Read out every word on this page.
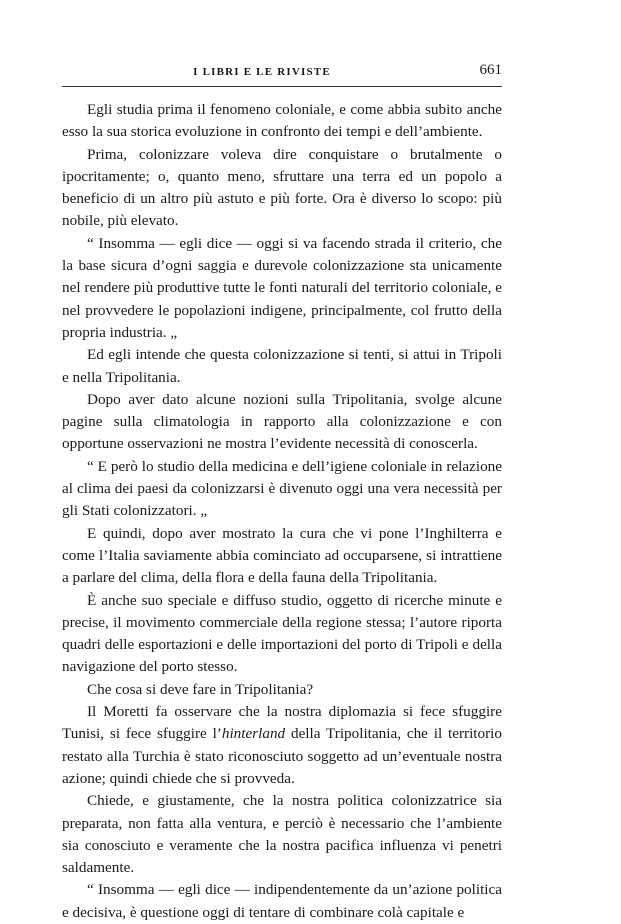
I LIBRI E LE RIVISTE	661

Egli studia prima il fenomeno coloniale, e come abbia subito anche esso la sua storica evoluzione in confronto dei tempi e dell’ambiente.

Prima, colonizzare voleva dire conquistare o brutalmente o ipocritamente; o, quanto meno, sfruttare una terra ed un popolo a beneficio di un altro più astuto e più forte. Ora è diverso lo scopo: più nobile, più elevato.

“ Insomma — egli dice — oggi si va facendo strada il criterio, che la base sicura d’ogni saggia e durevole colonizzazione sta unicamente nel rendere più produttive tutte le fonti naturali del territorio coloniale, e nel provvedere le popolazioni indigene, principalmente, col frutto della propria industria. „

Ed egli intende che questa colonizzazione si tenti, si attui in Tripoli e nella Tripolitania.

Dopo aver dato alcune nozioni sulla Tripolitania, svolge alcune pagine sulla climatologia in rapporto alla colonizzazione e con opportune osservazioni ne mostra l’evidente necessità di conoscerla.

“ E però lo studio della medicina e dell’igiene coloniale in relazione al clima dei paesi da colonizzarsi è divenuto oggi una vera necessità per gli Stati colonizzatori. „

E quindi, dopo aver mostrato la cura che vi pone l’Inghilterra e come l’Italia saviamente abbia cominciato ad occuparsene, si intrattiene a parlare del clima, della flora e della fauna della Tripolitania.

È anche suo speciale e diffuso studio, oggetto di ricerche minute e precise, il movimento commerciale della regione stessa; l’autore riporta quadri delle esportazioni e delle importazioni del porto di Tripoli e della navigazione del porto stesso.

Che cosa si deve fare in Tripolitania?

Il Moretti fa osservare che la nostra diplomazia si fece sfuggire Tunisi, si fece sfuggire l’hinterland della Tripolitania, che il territorio restato alla Turchia è stato riconosciuto soggetto ad un’eventuale nostra azione; quindi chiede che si provveda.

Chiede, e giustamente, che la nostra politica colonizzatrice sia preparata, non fatta alla ventura, e perciò è necessario che l’ambiente sia conosciuto e veramente che la nostra pacifica influenza vi penetri saldamente.

“ Insomma — egli dice — indipendentemente da un’azione politica e decisiva, è questione oggi di tentare di combinare colà capitale e
